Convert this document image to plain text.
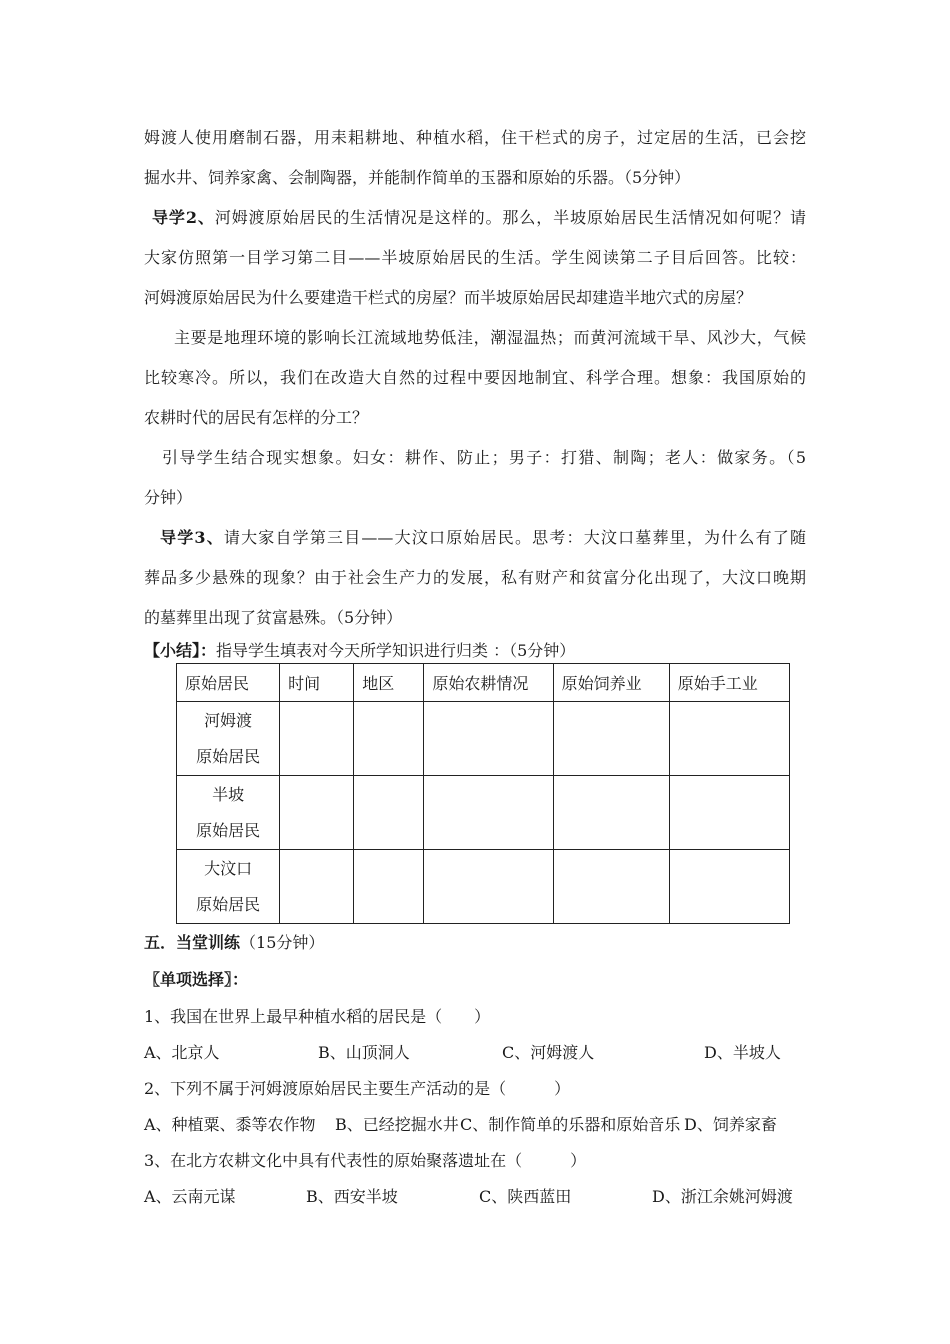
姆渡人使用磨制石器，用耒耜耕地、种植水稻，住干栏式的房子，过定居的生活，已会挖
掘水井、饲养家禽、会制陶器，并能制作简单的玉器和原始的乐器。（5分钟）
导学2、河姆渡原始居民的生活情况是这样的。那么，半坡原始居民生活情况如何呢？请
大家仿照第一目学习第二目——半坡原始居民的生活。学生阅读第二子目后回答。比较：
河姆渡原始居民为什么要建造干栏式的房屋？而半坡原始居民却建造半地穴式的房屋？
主要是地理环境的影响长江流域地势低洼，潮湿温热；而黄河流域干旱、风沙大，气候
比较寒冷。所以，我们在改造大自然的过程中要因地制宜、科学合理。想象：我国原始的
农耕时代的居民有怎样的分工？
引导学生结合现实想象。妇女：耕作、防止；男子：打猎、制陶；老人：做家务。（5
分钟）
导学3、请大家自学第三目——大汶口原始居民。思考：大汶口墓葬里，为什么有了随
葬品多少悬殊的现象？由于社会生产力的发展，私有财产和贫富分化出现了，大汶口晚期
的墓葬里出现了贫富悬殊。（5分钟）
【小结】：指导学生填表对今天所学知识进行归类 ：（5分钟）
原始居民	时间	地区	原始农耕情况	原始饲养业	原始手工业

河姆渡
原始居民					

半坡
原始居民					

大汶口
原始居民					

五．当堂训练（15分钟）
〖单项选择〗：
1、我国在世界上最早种植水稻的居民是（　　）
A、北京人	B、山顶洞人	C、河姆渡人	D、半坡人
2、下列不属于河姆渡原始居民主要生产活动的是（　　　）
A、种植粟、黍等农作物 B、已经挖掘水井 C、制作简单的乐器和原始音乐 D、饲养家畜
3、在北方农耕文化中具有代表性的原始聚落遗址在（　　　）
A、云南元谋	B、西安半坡	C、陕西蓝田	D、浙江余姚河姆渡
